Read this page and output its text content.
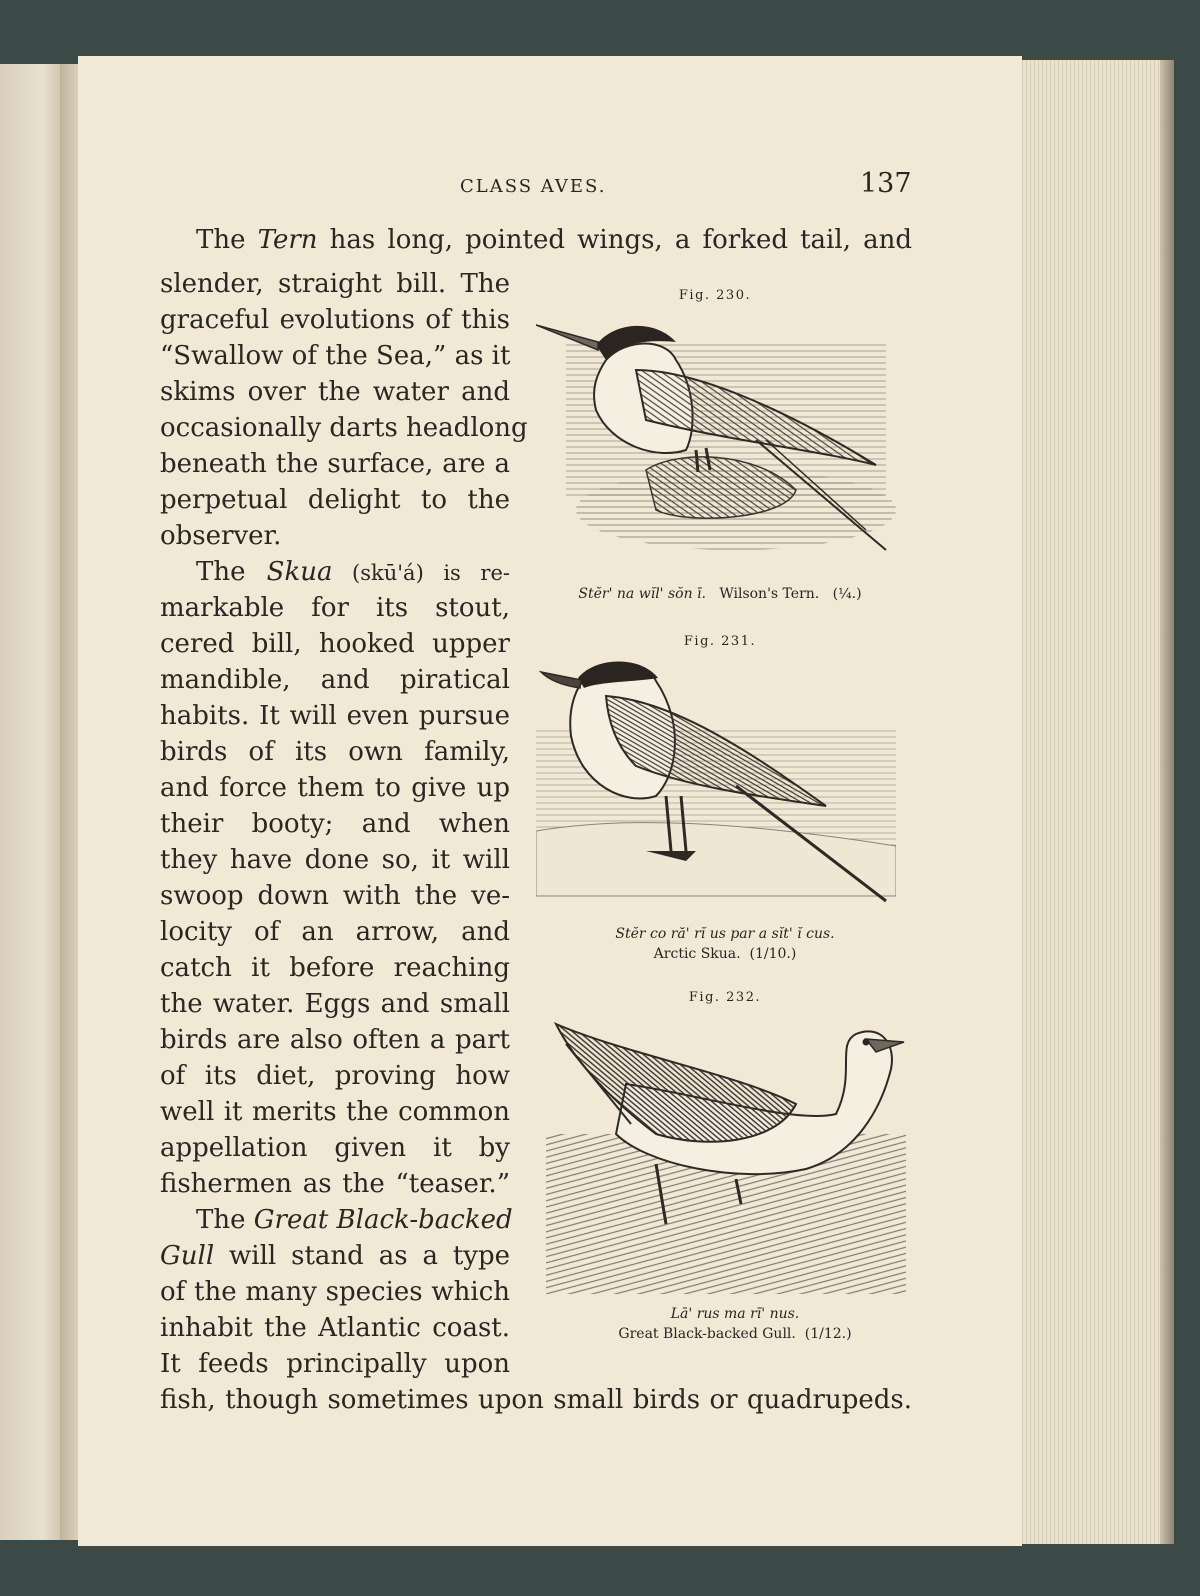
CLASS AVES.	137
The Tern has long, pointed wings, a forked tail, and
slender, straight bill. The
graceful evolutions of this
“Swallow of the Sea,” as it
skims over the water and
occasionally darts headlong
beneath the surface, are a
perpetual delight to the
observer.
The Skua (skū'á) is re-
markable for its stout,
cered bill, hooked upper
mandible, and piratical
habits. It will even pursue
birds of its own family,
and force them to give up
their booty; and when
they have done so, it will
swoop down with the ve-
locity of an arrow, and
catch it before reaching
the water. Eggs and small
birds are also often a part
of its diet, proving how
well it merits the common
appellation given it by
fishermen as the “teaser.”
The Great Black-backed
Gull will stand as a type
of the many species which
inhabit the Atlantic coast.
It feeds principally upon
fish, though sometimes upon small birds or quadrupeds.
Fig. 230.
Stĕr' na wĭl' sŏn ī. Wilson's Tern. (¼.)
Fig. 231.
Stĕr co ră' rĭ us par a sĭt' ĭ cus.
Arctic Skua. (1/10.)
Fig. 232.
Lā' rus ma rī' nus.
Great Black-backed Gull. (1/12.)
